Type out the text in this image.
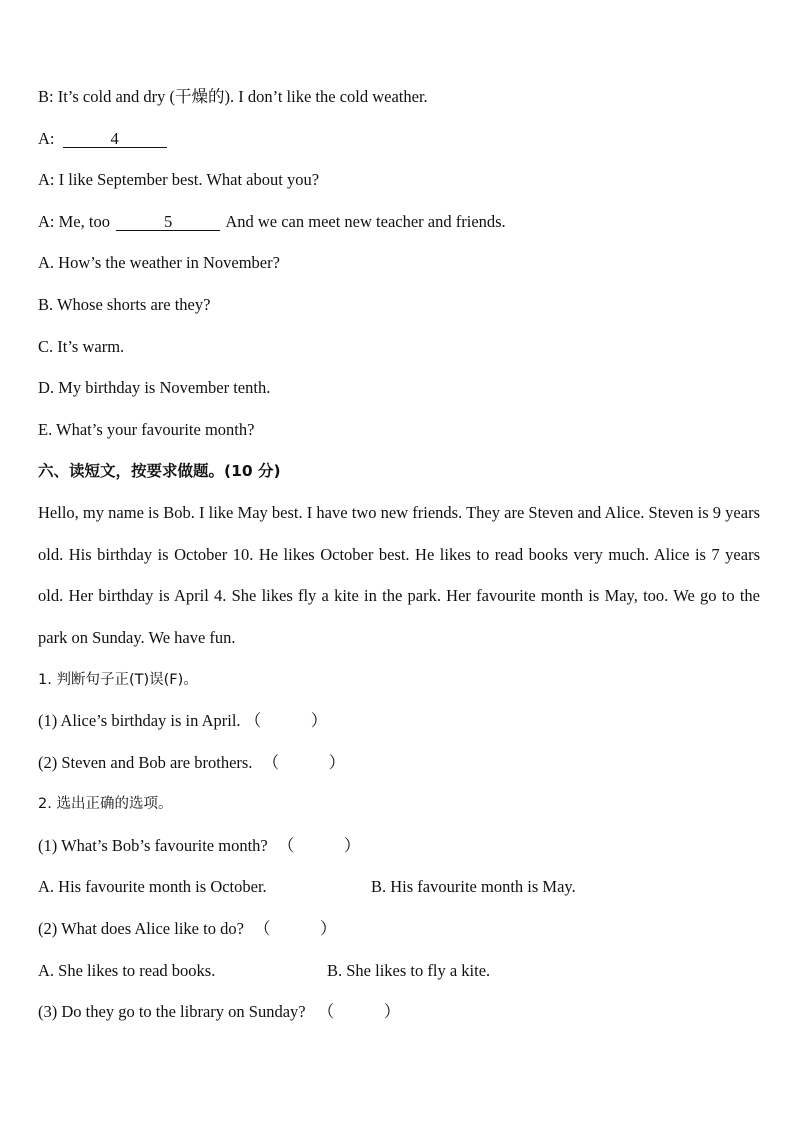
B: It’s cold and dry (干燥的). I don’t like the cold weather.
A:	4
A: I like September best. What about you?
A: Me, too	5	And we can meet new teacher and friends.
A. How’s the weather in November?
B. Whose shorts are they?
C. It’s warm.
D. My birthday is November tenth.
E. What’s your favourite month?
六、读短文，按要求做题。(10 分)
Hello, my name is Bob. I like May best. I have two new friends. They are Steven and Alice. Steven is 9 years old. His birthday is October 10. He likes October best. He likes to read books very much. Alice is 7 years old. Her birthday is April 4. She likes fly a kite in the park. Her favourite month is May, too. We go to the park on Sunday. We have fun.
1. 判断句子正(T)误(F)。
(1) Alice’s birthday is in April. （　　　）
(2) Steven and Bob are brothers. （　　　）
2. 选出正确的选项。
(1) What’s Bob’s favourite month? （　　　）
A. His favourite month is October.	B. His favourite month is May.
(2) What does Alice like to do? （　　　）
A. She likes to read books.	B. She likes to fly a kite.
(3) Do they go to the library on Sunday? （　　　）
